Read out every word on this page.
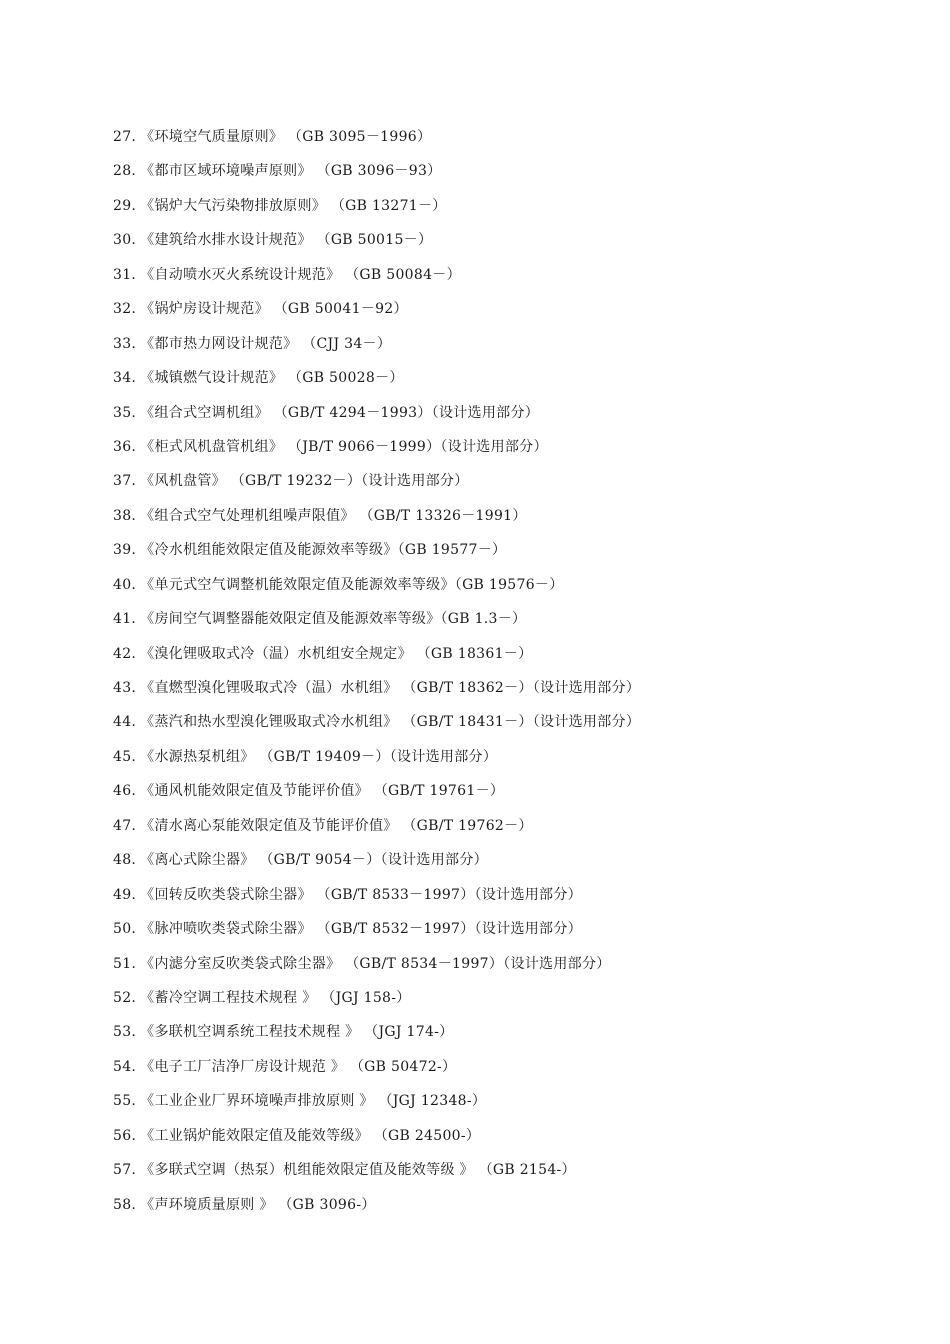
27. 《环境空气质量原则》 （GB 3095－1996）
28. 《都市区域环境噪声原则》 （GB 3096－93）
29. 《锅炉大气污染物排放原则》 （GB 13271－）
30. 《建筑给水排水设计规范》 （GB 50015－）
31. 《自动喷水灭火系统设计规范》 （GB 50084－）
32. 《锅炉房设计规范》 （GB 50041－92）
33. 《都市热力网设计规范》 （CJJ 34－）
34. 《城镇燃气设计规范》 （GB 50028－）
35. 《组合式空调机组》 （GB/T 4294－1993）（设计选用部分）
36. 《柜式风机盘管机组》 （JB/T 9066－1999）（设计选用部分）
37. 《风机盘管》 （GB/T 19232－）（设计选用部分）
38. 《组合式空气处理机组噪声限值》 （GB/T 13326－1991）
39. 《冷水机组能效限定值及能源效率等级》（GB 19577－）
40. 《单元式空气调整机能效限定值及能源效率等级》（GB 19576－）
41. 《房间空气调整器能效限定值及能源效率等级》（GB 1.3－）
42. 《溴化锂吸取式冷（温）水机组安全规定》 （GB 18361－）
43. 《直燃型溴化锂吸取式冷（温）水机组》 （GB/T 18362－）（设计选用部分）
44. 《蒸汽和热水型溴化锂吸取式冷水机组》 （GB/T 18431－）（设计选用部分）
45. 《水源热泵机组》 （GB/T 19409－）（设计选用部分）
46. 《通风机能效限定值及节能评价值》 （GB/T 19761－）
47. 《清水离心泵能效限定值及节能评价值》 （GB/T 19762－）
48. 《离心式除尘器》 （GB/T 9054－）（设计选用部分）
49. 《回转反吹类袋式除尘器》 （GB/T 8533－1997）（设计选用部分）
50. 《脉冲喷吹类袋式除尘器》 （GB/T 8532－1997）（设计选用部分）
51. 《内滤分室反吹类袋式除尘器》 （GB/T 8534－1997）（设计选用部分）
52. 《蓄冷空调工程技术规程 》 （JGJ 158-）
53. 《多联机空调系统工程技术规程 》 （JGJ 174-）
54. 《电子工厂洁净厂房设计规范 》 （GB 50472-）
55. 《工业企业厂界环境噪声排放原则 》 （JGJ 12348-）
56. 《工业锅炉能效限定值及能效等级》 （GB 24500-）
57. 《多联式空调（热泵）机组能效限定值及能效等级 》 （GB 2154-）
58. 《声环境质量原则 》 （GB 3096-）
